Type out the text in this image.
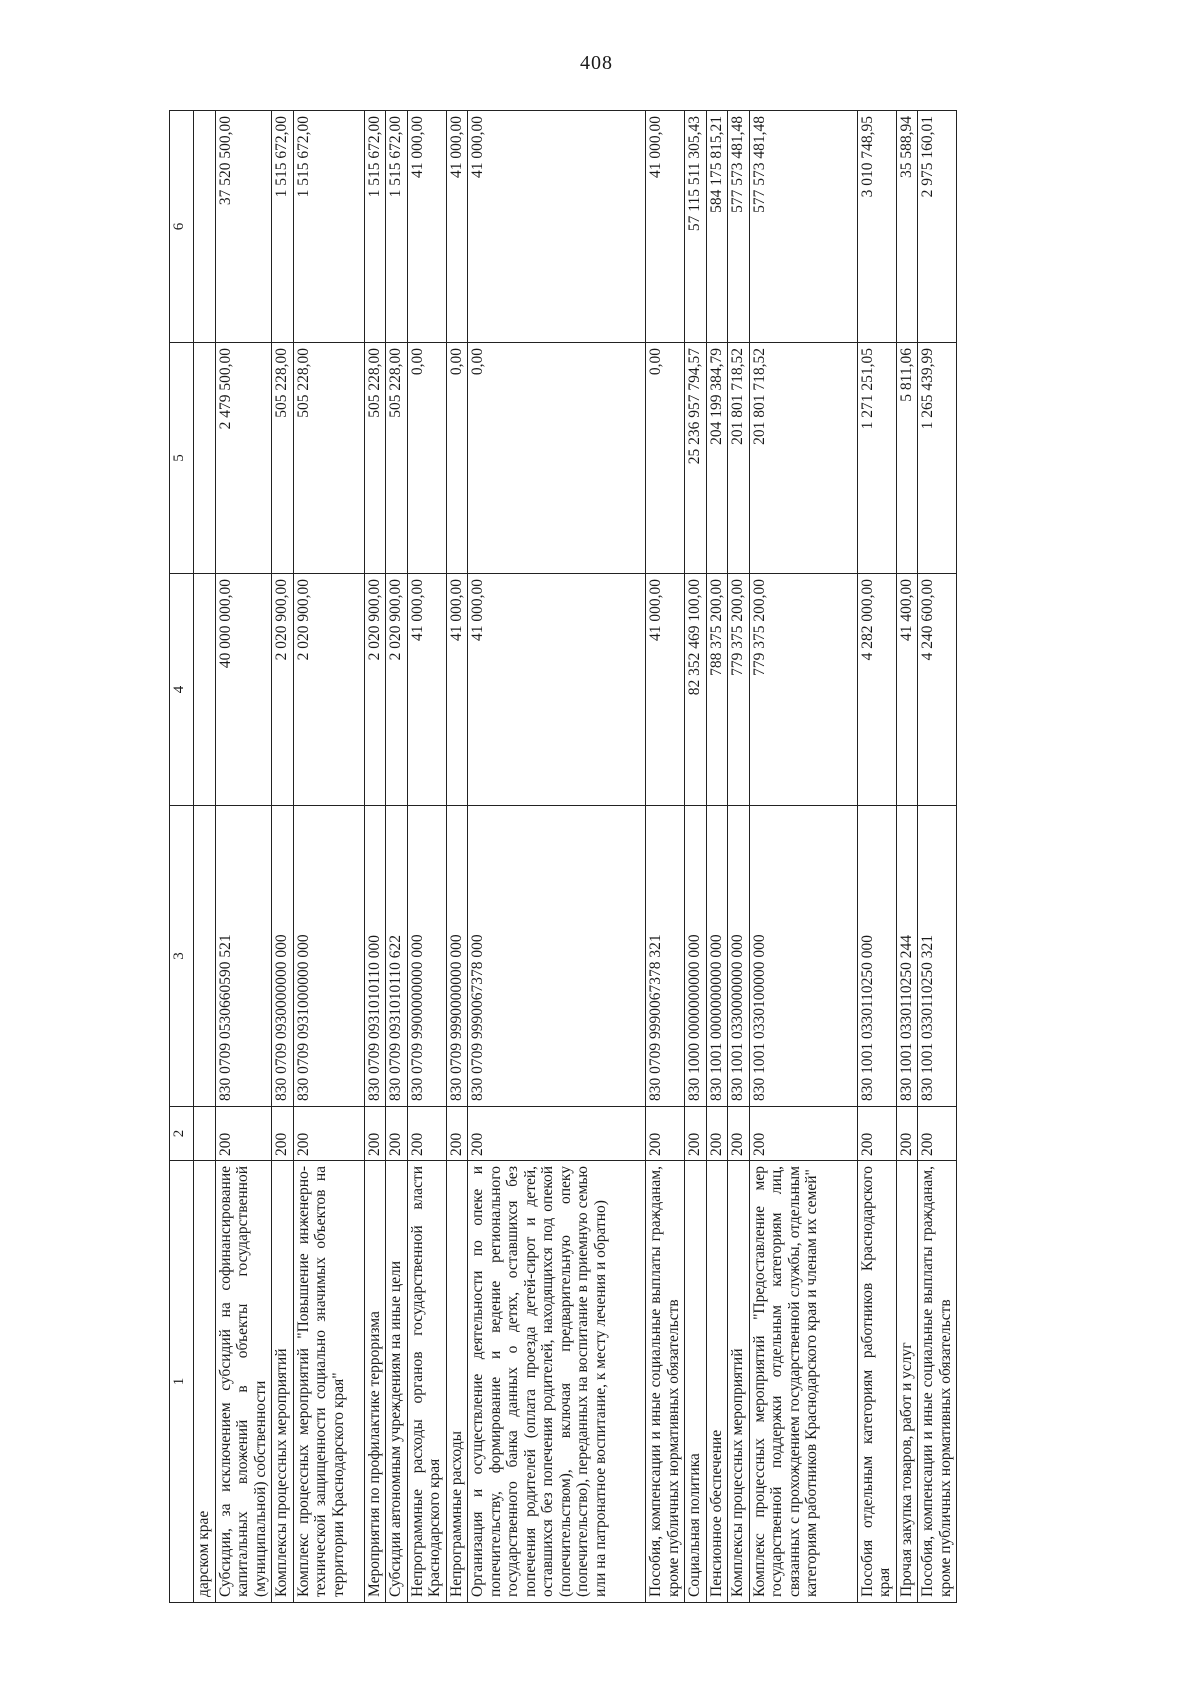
408
1	2	3	4	5	6
дарском крае					
Субсидии, за исключением субсидий на софинансирование капитальных вложений в объекты государственной (муниципальной) собственности	200	830 0709 0530660590 521	40 000 000,00	2 479 500,00	37 520 500,00
Комплексы процессных мероприятий	200	830 0709 0930000000 000	2 020 900,00	505 228,00	1 515 672,00
Комплекс процессных мероприятий "Повышение инженерно-технической защищенности социально значимых объектов на территории Краснодарского края"	200	830 0709 0931000000 000	2 020 900,00	505 228,00	1 515 672,00
Мероприятия по профилактике терроризма	200	830 0709 0931010110 000	2 020 900,00	505 228,00	1 515 672,00
Субсидии автономным учреждениям на иные цели	200	830 0709 0931010110 622	2 020 900,00	505 228,00	1 515 672,00
Непрограммные расходы органов государственной власти Краснодарского края	200	830 0709 9900000000 000	41 000,00	0,00	41 000,00
Непрограммные расходы	200	830 0709 9990000000 000	41 000,00	0,00	41 000,00
Организация и осуществление деятельности по опеке и попечительству, формирование и ведение регионального государственного банка данных о детях, оставшихся без попечения родителей (оплата проезда детей-сирот и детей, оставшихся без попечения родителей, находящихся под опекой (попечительством), включая предварительную опеку (попечительство), переданных на воспитание в приемную семью или на патронатное воспитание, к месту лечения и обратно)	200	830 0709 9990067378 000	41 000,00	0,00	41 000,00
Пособия, компенсации и иные социальные выплаты гражданам, кроме публичных нормативных обязательств	200	830 0709 9990067378 321	41 000,00	0,00	41 000,00
Социальная политика	200	830 1000 0000000000 000	82 352 469 100,00	25 236 957 794,57	57 115 511 305,43
Пенсионное обеспечение	200	830 1001 0000000000 000	788 375 200,00	204 199 384,79	584 175 815,21
Комплексы процессных мероприятий	200	830 1001 0330000000 000	779 375 200,00	201 801 718,52	577 573 481,48
Комплекс процессных мероприятий "Предоставление мер государственной поддержки отдельным категориям лиц, связанных с прохождением государственной службы, отдельным категориям работников Краснодарского края и членам их семей"	200	830 1001 0330100000 000	779 375 200,00	201 801 718,52	577 573 481,48
Пособия отдельным категориям работников Краснодарского края	200	830 1001 0330110250 000	4 282 000,00	1 271 251,05	3 010 748,95
Прочая закупка товаров, работ и услуг	200	830 1001 0330110250 244	41 400,00	5 811,06	35 588,94
Пособия, компенсации и иные социальные выплаты гражданам, кроме публичных нормативных обязательств	200	830 1001 0330110250 321	4 240 600,00	1 265 439,99	2 975 160,01
